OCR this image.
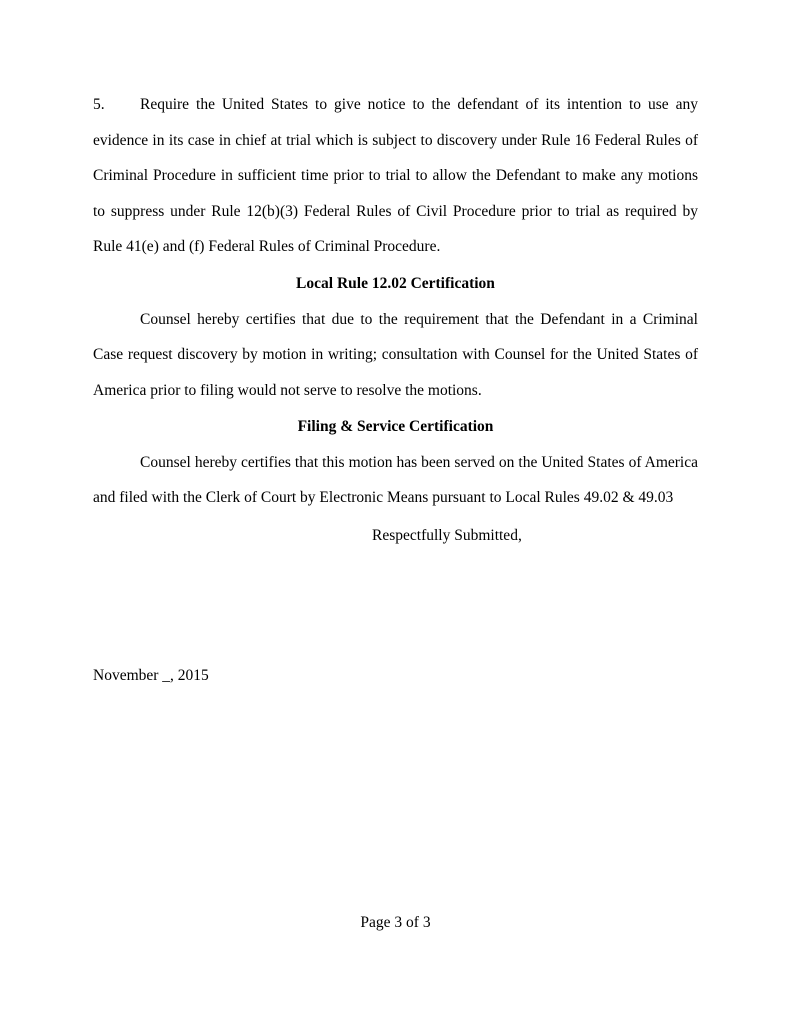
5. Require the United States to give notice to the defendant of its intention to use any
evidence in its case in chief at trial which is subject to discovery under Rule 16 Federal Rules of
Criminal Procedure in sufficient time prior to trial to allow the Defendant to make any motions
to suppress under Rule 12(b)(3) Federal Rules of Civil Procedure prior to trial as required by
Rule 41(e) and (f) Federal Rules of Criminal Procedure.
Local Rule 12.02 Certification
Counsel hereby certifies that due to the requirement that the Defendant in a Criminal
Case request discovery by motion in writing; consultation with Counsel for the United States of
America prior to filing would not serve to resolve the motions.
Filing & Service Certification
Counsel hereby certifies that this motion has been served on the United States of America
and filed with the Clerk of Court by Electronic Means pursuant to Local Rules 49.02 & 49.03
Respectfully Submitted,
November _, 2015
Page 3 of 3
